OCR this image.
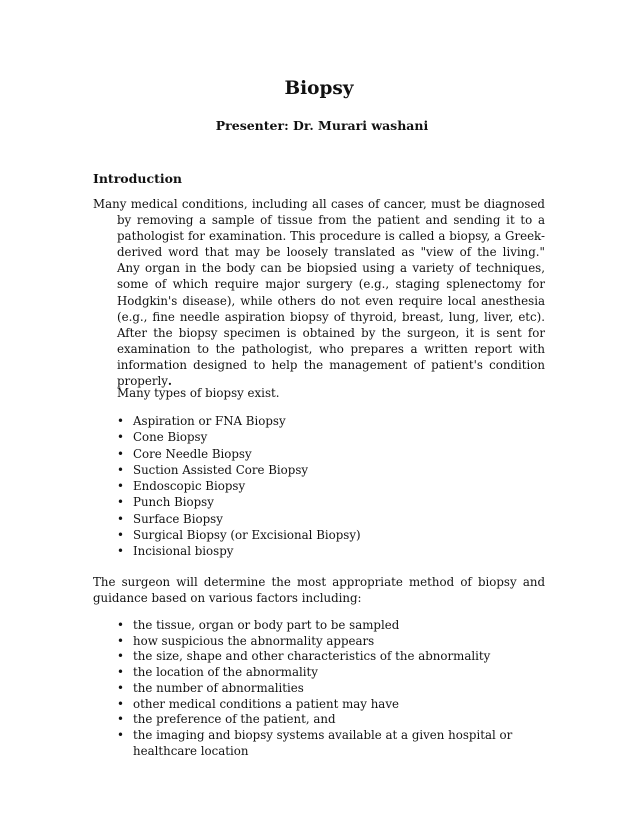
Biopsy
Presenter: Dr. Murari washani
Introduction

Many medical conditions, including all cases of cancer, must be diagnosed by removing a sample of tissue from the patient and sending it to a pathologist for examination. This procedure is called a biopsy, a Greek-derived word that may be loosely translated as "view of the living." Any organ in the body can be biopsied using a variety of techniques, some of which require major surgery (e.g., staging splenectomy for Hodgkin's disease), while others do not even require local anesthesia (e.g., fine needle aspiration biopsy of thyroid, breast, lung, liver, etc). After the biopsy specimen is obtained by the surgeon, it is sent for examination to the pathologist, who prepares a written report with information designed to help the management of patient's condition properly.

Many types of biopsy exist.

• Aspiration or FNA Biopsy
• Cone Biopsy
• Core Needle Biopsy
• Suction Assisted Core Biopsy
• Endoscopic Biopsy
• Punch Biopsy
• Surface Biopsy
• Surgical Biopsy (or Excisional Biopsy)
• Incisional biospy

The surgeon will determine the most appropriate method of biopsy and guidance based on various factors including:

• the tissue, organ or body part to be sampled
• how suspicious the abnormality appears
• the size, shape and other characteristics of the abnormality
• the location of the abnormality
• the number of abnormalities
• other medical conditions a patient may have
• the preference of the patient, and
• the imaging and biopsy systems available at a given hospital or healthcare location
